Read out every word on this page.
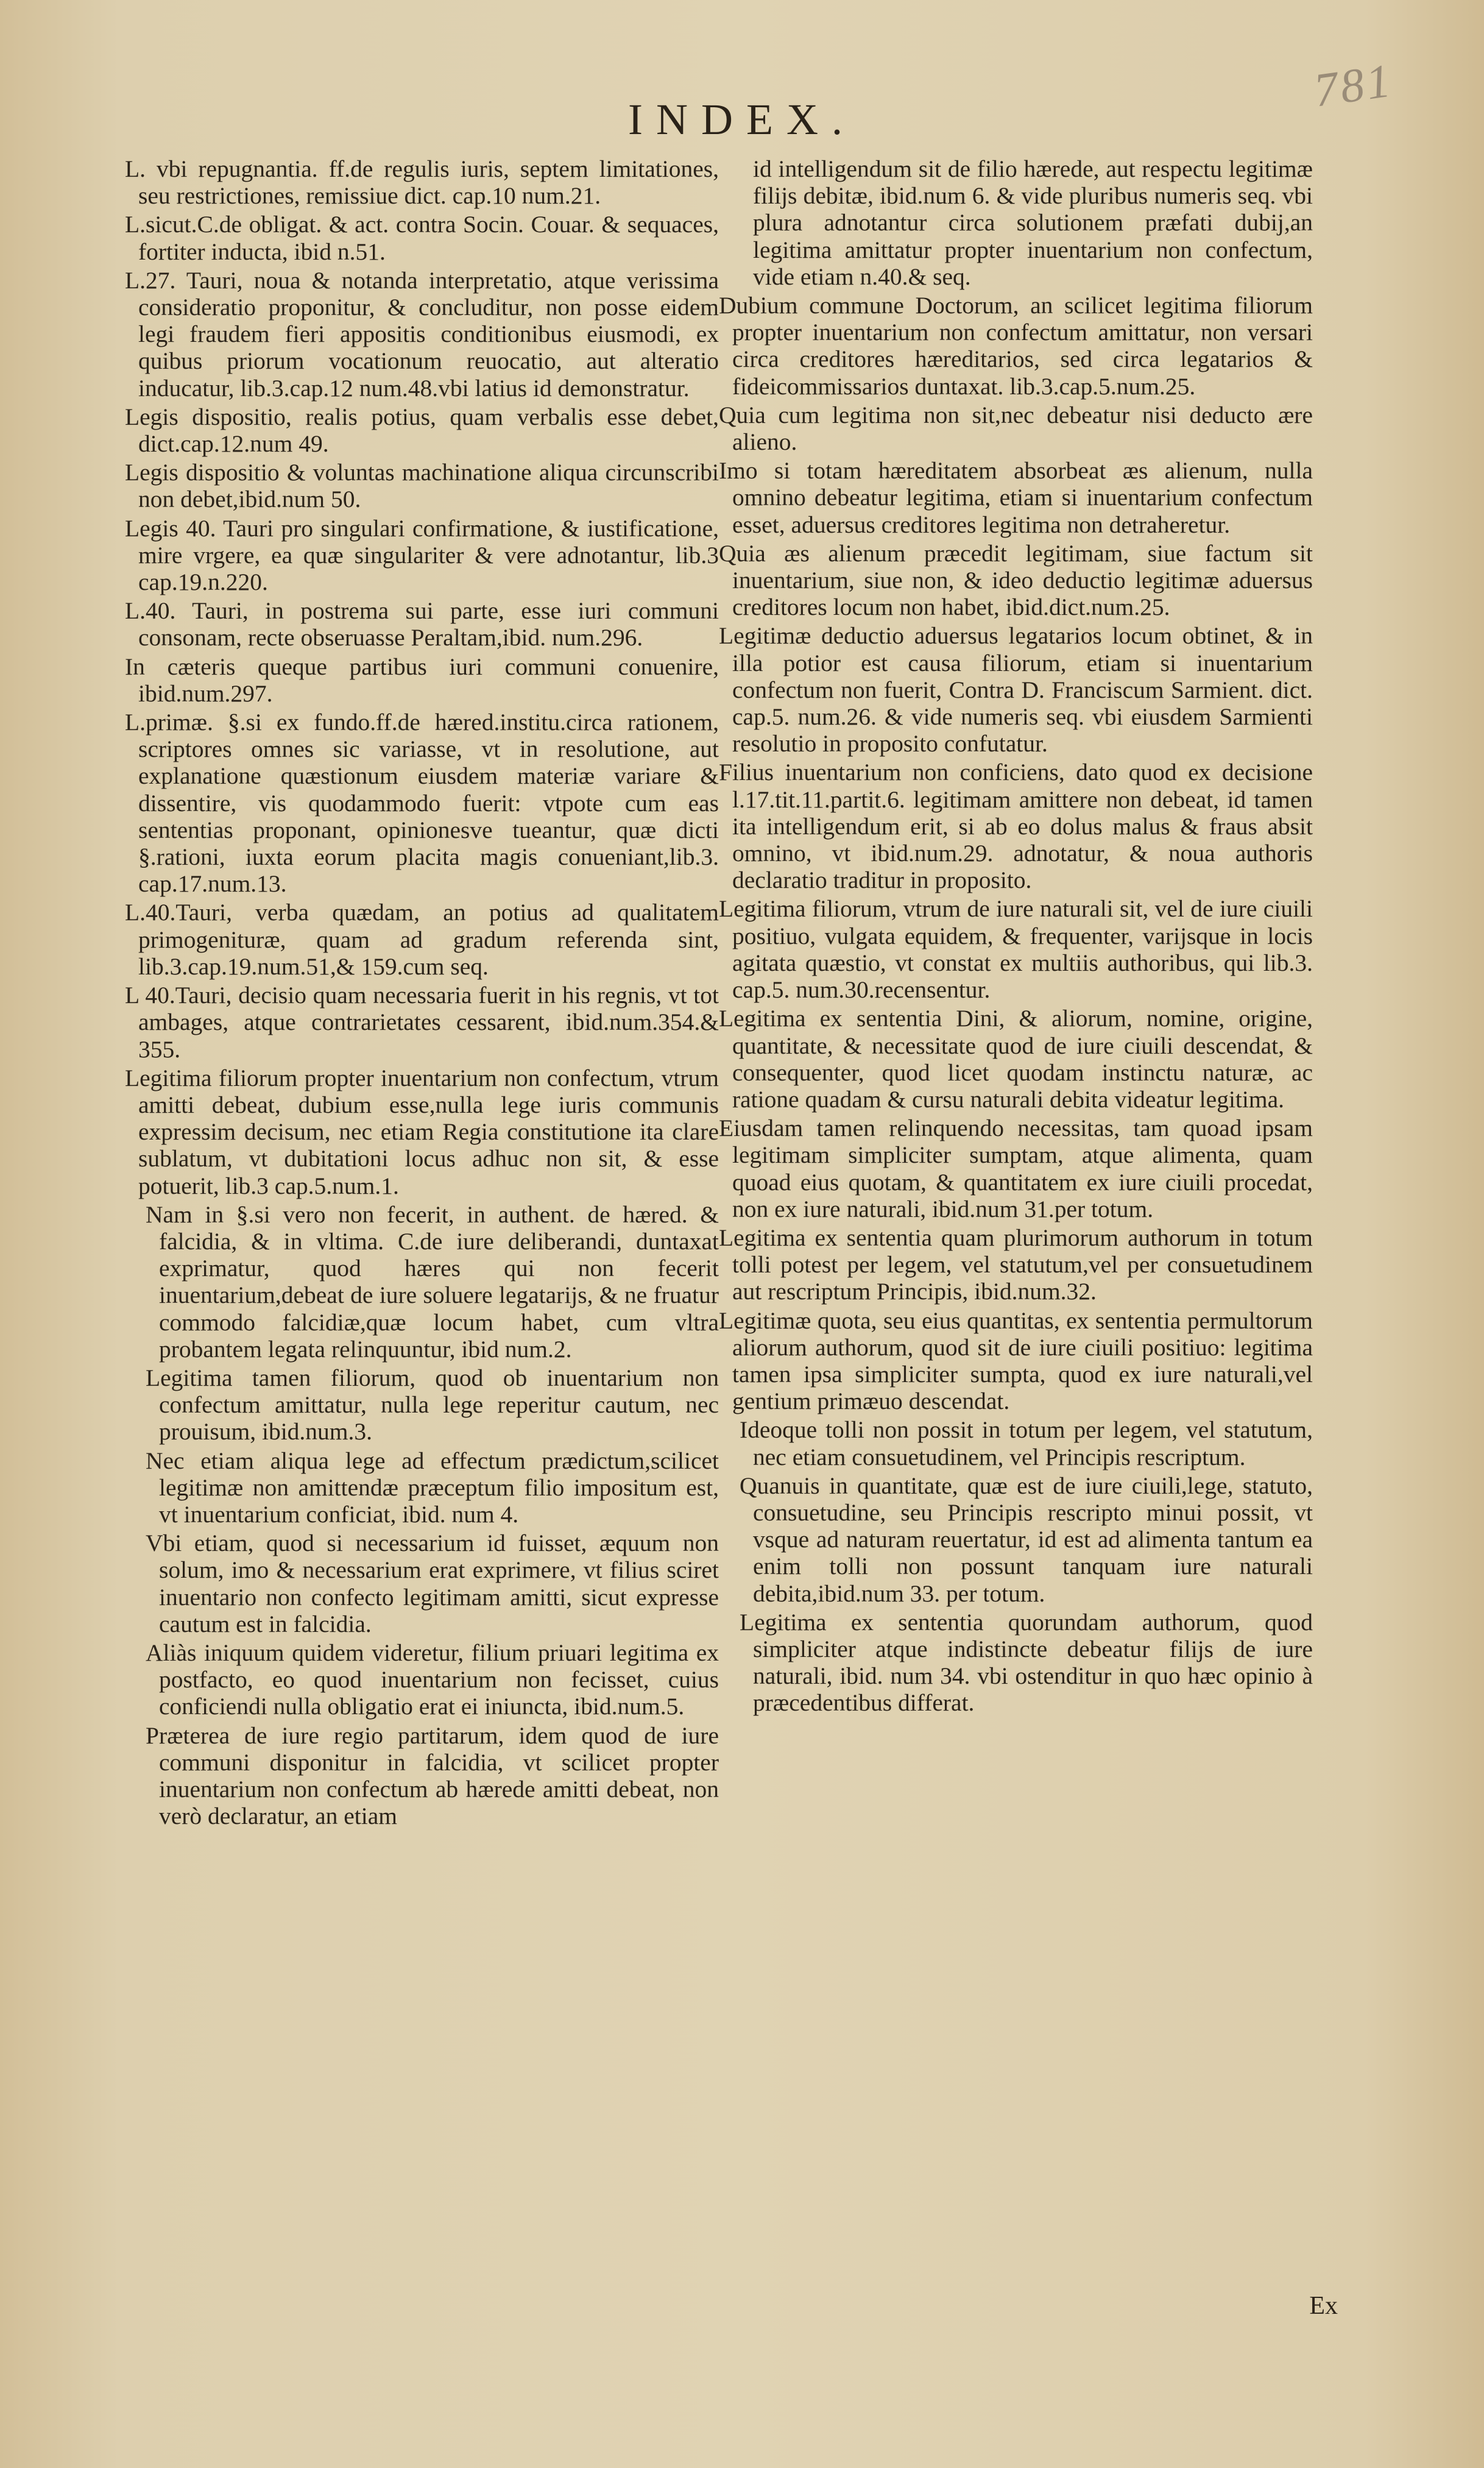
781
INDEX.

L. vbi repugnantia. ff.de regulis iuris, septem limitationes, seu restrictiones, remissiue dict. cap.10 num.21.

L.sicut.C.de obligat. & act. contra Socin. Couar. & sequaces, fortiter inducta, ibid n.51.

L.27. Tauri, noua & notanda interpretatio, atque verissima consideratio proponitur, & concluditur, non posse eidem legi fraudem fieri appositis conditionibus eiusmodi, ex quibus priorum vocationum reuocatio, aut alteratio inducatur, lib.3.cap.12 num.48.vbi latius id demonstratur.

Legis dispositio, realis potius, quam verbalis esse debet, dict.cap.12.num 49.

Legis dispositio & voluntas machinatione aliqua circunscribi non debet,ibid.num 50.

Legis 40. Tauri pro singulari confirmatione, & iustificatione, mire vrgere, ea quæ singulariter & vere adnotantur, lib.3 cap.19.n.220.

L.40. Tauri, in postrema sui parte, esse iuri communi consonam, recte obseruasse Peraltam,ibid. num.296.

In cæteris queque partibus iuri communi conuenire, ibid.num.297.

L.primæ. §.si ex fundo.ff.de hæred.institu.circa rationem, scriptores omnes sic variasse, vt in resolutione, aut explanatione quæstionum eiusdem materiæ variare & dissentire, vis quodammodo fuerit: vtpote cum eas sententias proponant, opinionesve tueantur, quæ dicti §.rationi, iuxta eorum placita magis conueniant,lib.3. cap.17.num.13.

L.40.Tauri, verba quædam, an potius ad qualitatem primogenituræ, quam ad gradum referenda sint, lib.3.cap.19.num.51,& 159.cum seq.

L 40.Tauri, decisio quam necessaria fuerit in his regnis, vt tot ambages, atque contrarietates cessarent, ibid.num.354.& 355.

Legitima filiorum propter inuentarium non confectum, vtrum amitti debeat, dubium esse,nulla lege iuris communis expressim decisum, nec etiam Regia constitutione ita clare sublatum, vt dubitationi locus adhuc non sit, & esse potuerit, lib.3 cap.5.num.1.

Nam in §.si vero non fecerit, in authent. de hæred. & falcidia, & in vltima. C.de iure deliberandi, duntaxat exprimatur, quod hæres qui non fecerit inuentarium,debeat de iure soluere legatarijs, & ne fruatur commodo falcidiæ,quæ locum habet, cum vltra probantem legata relinquuntur, ibid num.2.

Legitima tamen filiorum, quod ob inuentarium non confectum amittatur, nulla lege reperitur cautum, nec prouisum, ibid.num.3.

Nec etiam aliqua lege ad effectum prædictum,scilicet legitimæ non amittendæ præceptum filio impositum est, vt inuentarium conficiat, ibid. num 4.

Vbi etiam, quod si necessarium id fuisset, æquum non solum, imo & necessarium erat exprimere, vt filius sciret inuentario non confecto legitimam amitti, sicut expresse cautum est in falcidia.

Aliàs iniquum quidem videretur, filium priuari legitima ex postfacto, eo quod inuentarium non fecisset, cuius conficiendi nulla obligatio erat ei iniuncta, ibid.num.5.

Præterea de iure regio partitarum, idem quod de iure communi disponitur in falcidia, vt scilicet propter inuentarium non confectum ab hærede amitti debeat, non verò declaratur, an etiam

id intelligendum sit de filio hærede, aut respectu legitimæ filijs debitæ, ibid.num 6. & vide pluribus numeris seq. vbi plura adnotantur circa solutionem præfati dubij,an legitima amittatur propter inuentarium non confectum, vide etiam n.40.& seq.

Dubium commune Doctorum, an scilicet legitima filiorum propter inuentarium non confectum amittatur, non versari circa creditores hæreditarios, sed circa legatarios & fideicommissarios duntaxat. lib.3.cap.5.num.25.

Quia cum legitima non sit,nec debeatur nisi deducto ære alieno.

Imo si totam hæreditatem absorbeat æs alienum, nulla omnino debeatur legitima, etiam si inuentarium confectum esset, aduersus creditores legitima non detraheretur.

Quia æs alienum præcedit legitimam, siue factum sit inuentarium, siue non, & ideo deductio legitimæ aduersus creditores locum non habet, ibid.dict.num.25.

Legitimæ deductio aduersus legatarios locum obtinet, & in illa potior est causa filiorum, etiam si inuentarium confectum non fuerit, Contra D. Franciscum Sarmient. dict. cap.5. num.26. & vide numeris seq. vbi eiusdem Sarmienti resolutio in proposito confutatur.

Filius inuentarium non conficiens, dato quod ex decisione l.17.tit.11.partit.6. legitimam amittere non debeat, id tamen ita intelligendum erit, si ab eo dolus malus & fraus absit omnino, vt ibid.num.29. adnotatur, & noua authoris declaratio traditur in proposito.

Legitima filiorum, vtrum de iure naturali sit, vel de iure ciuili positiuo, vulgata equidem, & frequenter, varijsque in locis agitata quæstio, vt constat ex multiis authoribus, qui lib.3. cap.5. num.30.recensentur.

Legitima ex sententia Dini, & aliorum, nomine, origine, quantitate, & necessitate quod de iure ciuili descendat, & consequenter, quod licet quodam instinctu naturæ, ac ratione quadam & cursu naturali debita videatur legitima.

Eiusdam tamen relinquendo necessitas, tam quoad ipsam legitimam simpliciter sumptam, atque alimenta, quam quoad eius quotam, & quantitatem ex iure ciuili procedat, non ex iure naturali, ibid.num 31.per totum.

Legitima ex sententia quam plurimorum authorum in totum tolli potest per legem, vel statutum,vel per consuetudinem aut rescriptum Principis, ibid.num.32.

Legitimæ quota, seu eius quantitas, ex sententia permultorum aliorum authorum, quod sit de iure ciuili positiuo: legitima tamen ipsa simpliciter sumpta, quod ex iure naturali,vel gentium primæuo descendat.

Ideoque tolli non possit in totum per legem, vel statutum, nec etiam consuetudinem, vel Principis rescriptum.

Quanuis in quantitate, quæ est de iure ciuili,lege, statuto, consuetudine, seu Principis rescripto minui possit, vt vsque ad naturam reuertatur, id est ad alimenta tantum ea enim tolli non possunt tanquam iure naturali debita,ibid.num 33. per totum.

Legitima ex sententia quorundam authorum, quod simpliciter atque indistincte debeatur filijs de iure naturali, ibid. num 34. vbi ostenditur in quo hæc opinio à præcedentibus differat.

Ex
